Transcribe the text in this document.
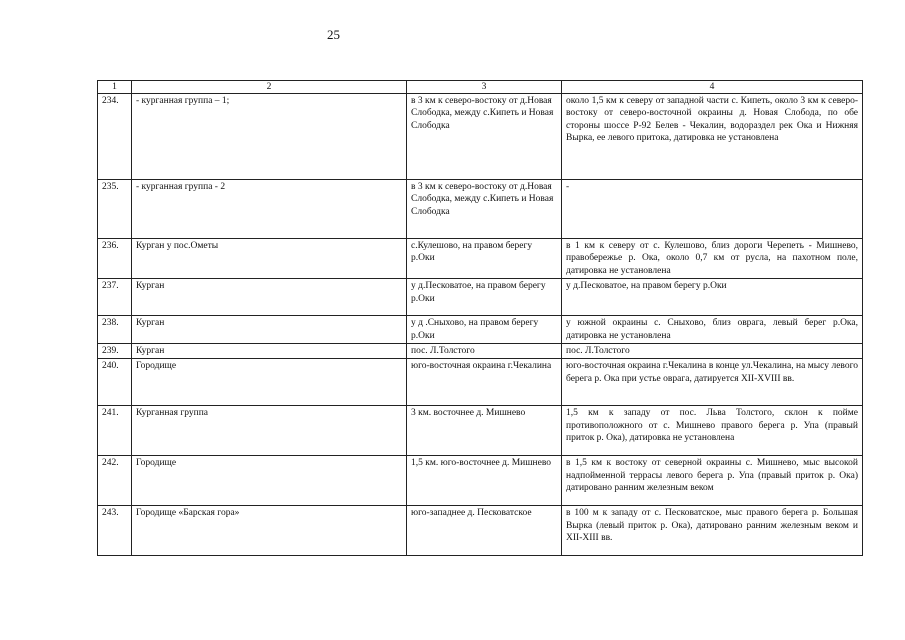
25
1	2	3	4
234.	- курганная группа – 1;	в 3 км к северо-востоку от д.Новая Слободка, между с.Кипеть и Новая Слободка	около 1,5 км к северу от западной части с. Кипеть, около 3 км к северо-востоку от северо-восточной окраины д. Новая Слобода, по обе стороны шоссе Р-92 Белев - Чекалин, водораздел рек Ока и Нижняя Вырка, ее левого притока, датировка не установлена
235.	- курганная группа - 2	в 3 км к северо-востоку от д.Новая Слободка, между с.Кипеть и Новая Слободка	-
236.	Курган у пос.Ометы	с.Кулешово, на правом берегу р.Оки	в 1 км к северу от с. Кулешово, близ дороги Черепеть - Мишнево, правобережье р. Ока, около 0,7 км от русла, на пахотном поле, датировка не установлена
237.	Курган	у д.Песковатое, на правом берегу р.Оки	у д.Песковатое, на правом берегу р.Оки
238.	Курган	у д .Сныхово, на правом берегу р.Оки	у южной окраины с. Сныхово, близ оврага, левый берег р.Ока, датировка не установлена
239.	Курган	пос. Л.Толстого	пос. Л.Толстого
240.	Городище	юго-восточная окраина г.Чекалина	юго-восточная окраина г.Чекалина в конце ул.Чекалина, на мысу левого берега р. Ока при устье оврага, датируется XII-XVIII вв.
241.	Курганная группа	3 км. восточнее д. Мишнево	1,5 км к западу от пос. Льва Толстого, склон к пойме противоположного от с. Мишнево правого берега р. Упа (правый приток р. Ока), датировка не установлена
242.	Городище	1,5 км. юго-восточнее д. Мишнево	в 1,5 км к востоку от северной окраины с. Мишнево, мыс высокой надпойменной террасы левого берега р. Упа (правый приток р. Ока) датировано ранним железным веком
243.	Городище «Барская гора»	юго-западнее д. Песковатское	в 100 м к западу от с. Песковатское, мыс правого берега р. Большая Вырка (левый приток р. Ока), датировано ранним железным веком и XII-XIII вв.
